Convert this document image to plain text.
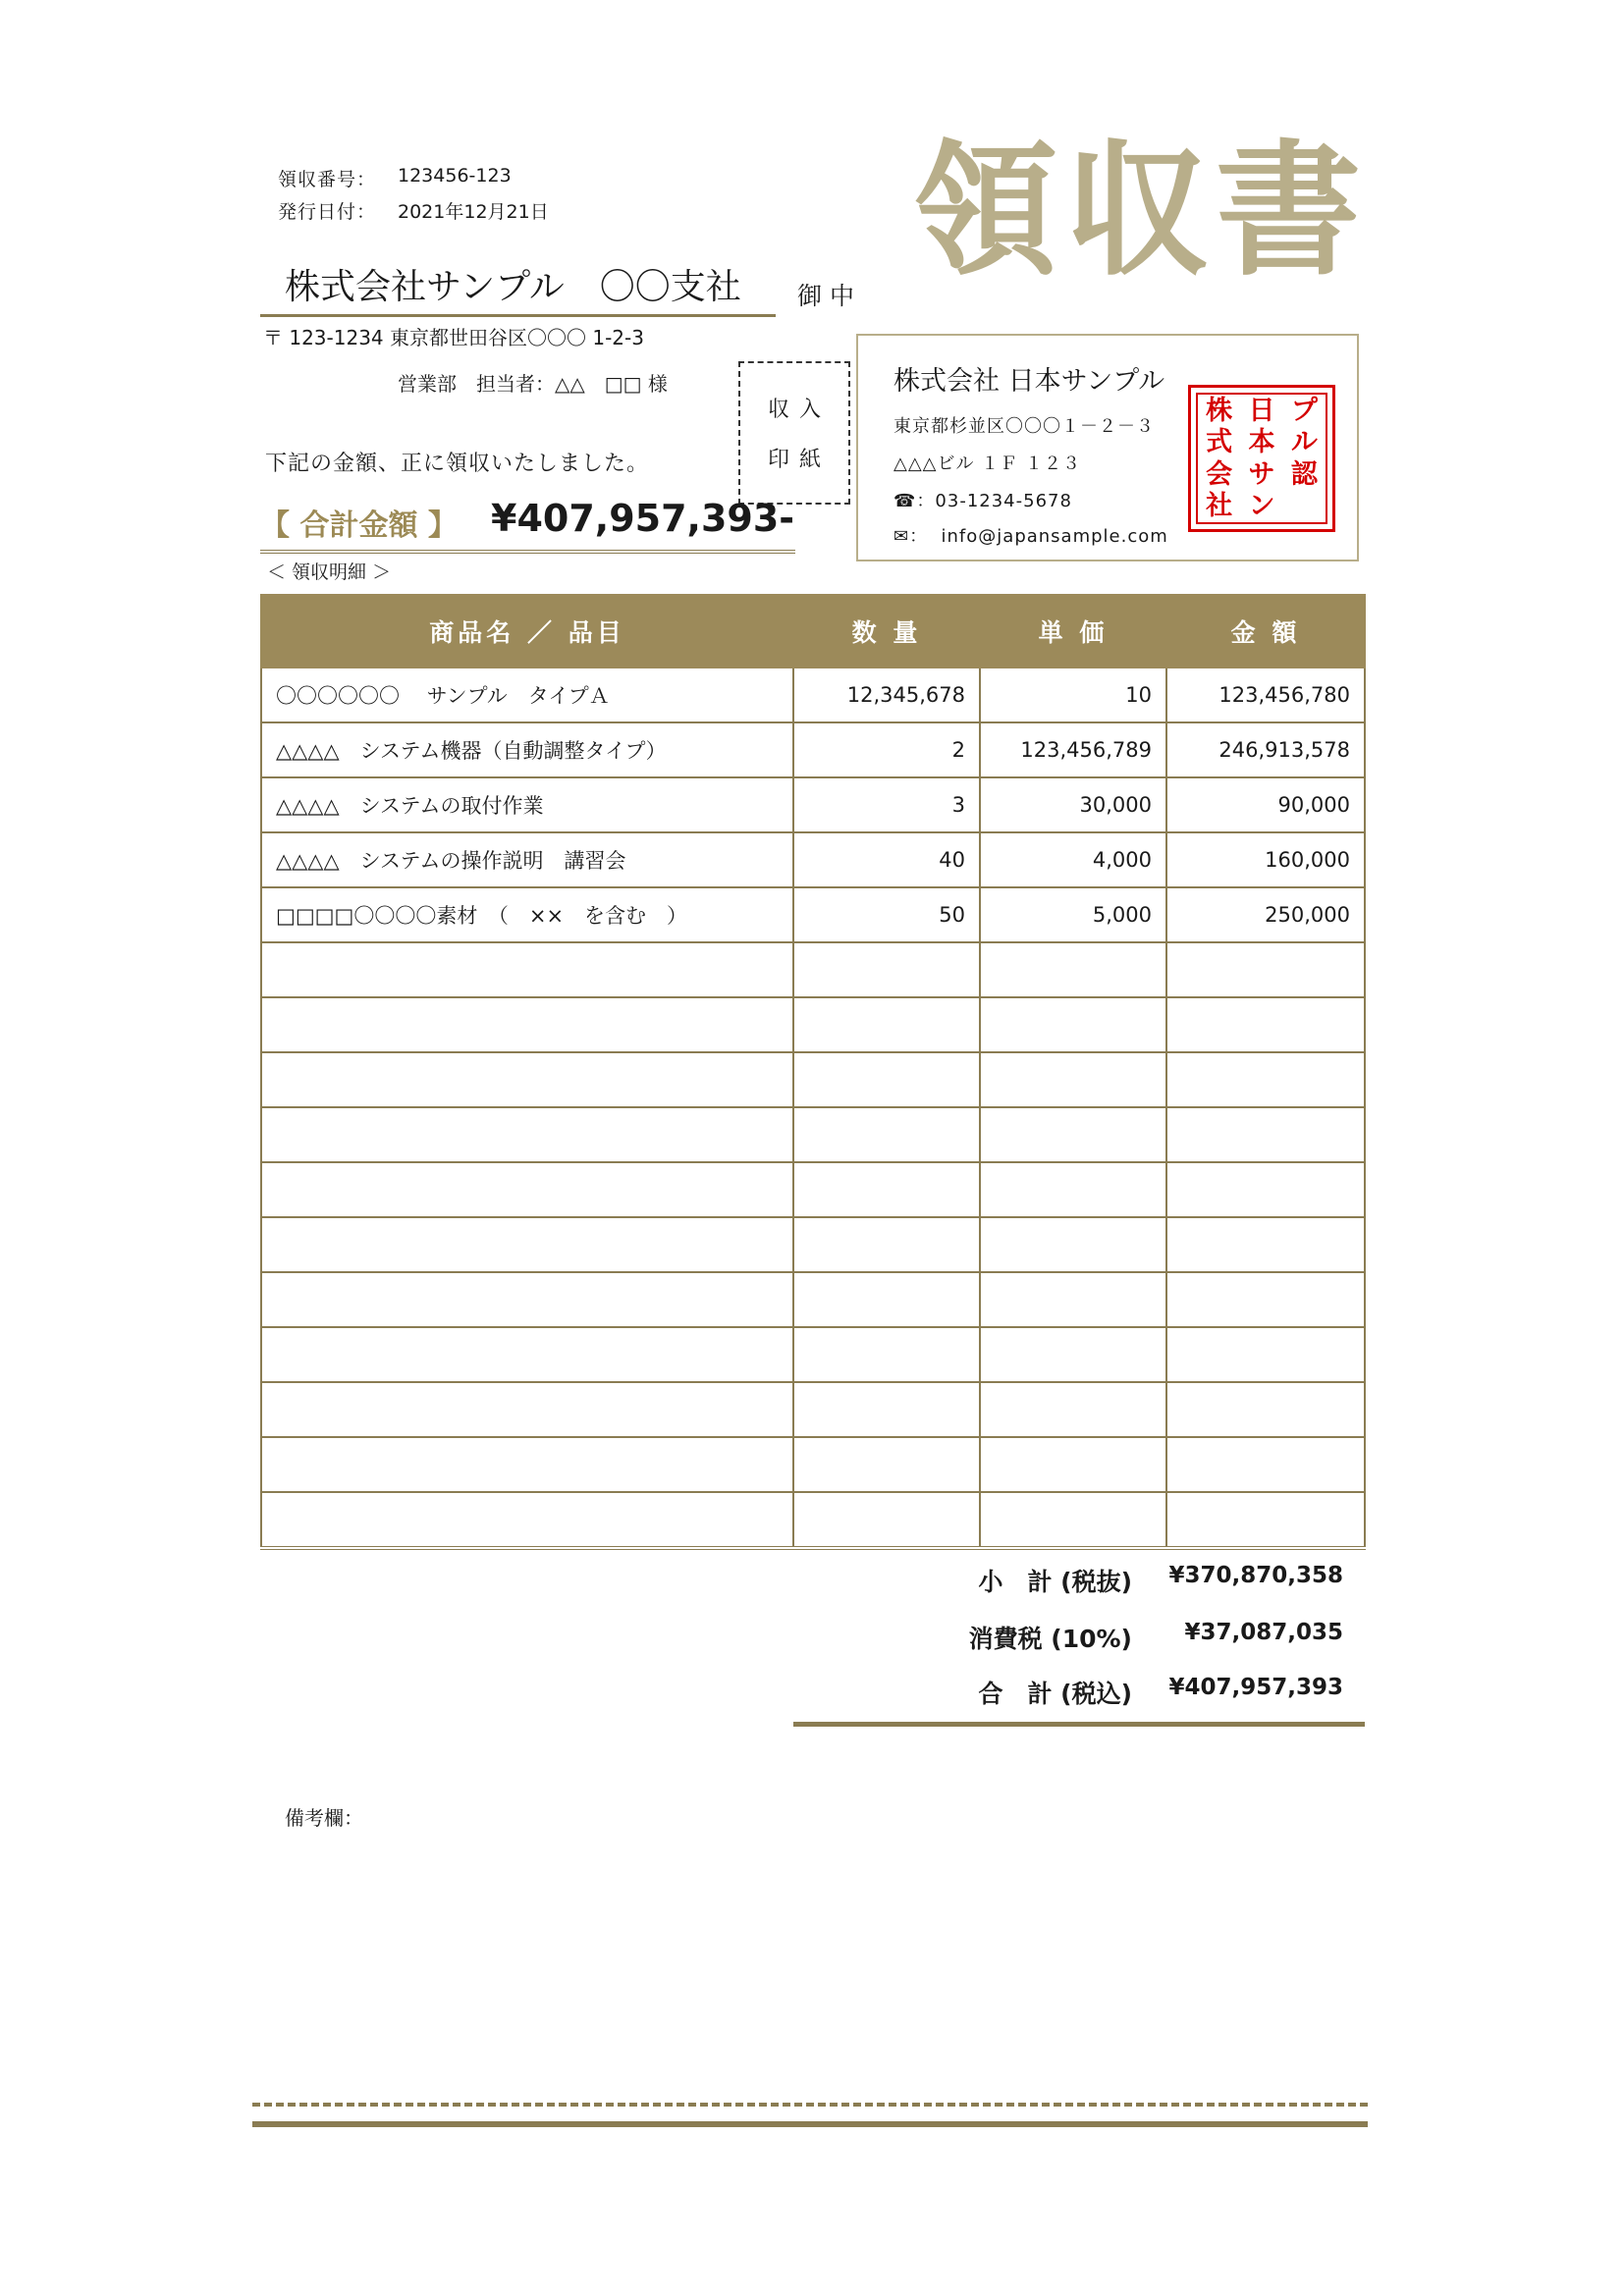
領収番号：	123456-123
発行日付：	2021年12月21日	領収書
株式会社サンプル　〇〇支社 御中
〒 123-1234 東京都世田谷区〇〇〇 1-2-3
営業部　担当者：△△　□□ 様
収入
印紙
下記の金額、正に領収いたしました。
【 合計金額 】 ¥407,957,393-
＜ 領収明細 ＞
株式会社 日本サンプル
東京都杉並区〇〇〇１－２－３
△△△ビル １Ｆ １２３
☎：03-1234-5678
✉：  info@japansample.com
株 日 プ
式 本 ル
会 サ 認
社 ン
商品名 ／ 品目	数 量	単 価	金 額
〇〇〇〇〇〇　 サンプル　タイプＡ	12,345,678	10	123,456,780
△△△△　システム機器（自動調整タイプ）	2	123,456,789	246,913,578
△△△△　システムの取付作業	3	30,000	90,000
△△△△　システムの操作説明　講習会	40	4,000	160,000
□□□□〇〇〇〇素材　（　××　を含む　）	50	5,000	250,000

小　計 (税抜) ¥370,870,358
消費税 (10%) ¥37,087,035
合　計 (税込) ¥407,957,393
備考欄：
